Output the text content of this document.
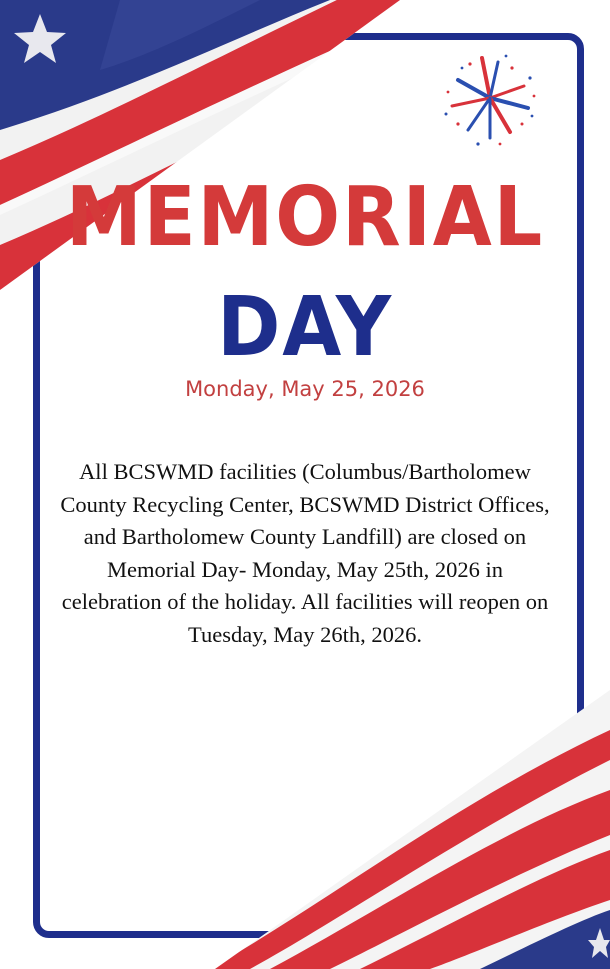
MEMORIAL
DAY
Monday, May 25, 2026
All BCSWMD facilities (Columbus/Bartholomew County Recycling Center, BCSWMD District Offices, and Bartholomew County Landfill) are closed on Memorial Day- Monday, May 25th, 2026 in celebration of the holiday. All facilities will reopen on Tuesday, May 26th, 2026.
